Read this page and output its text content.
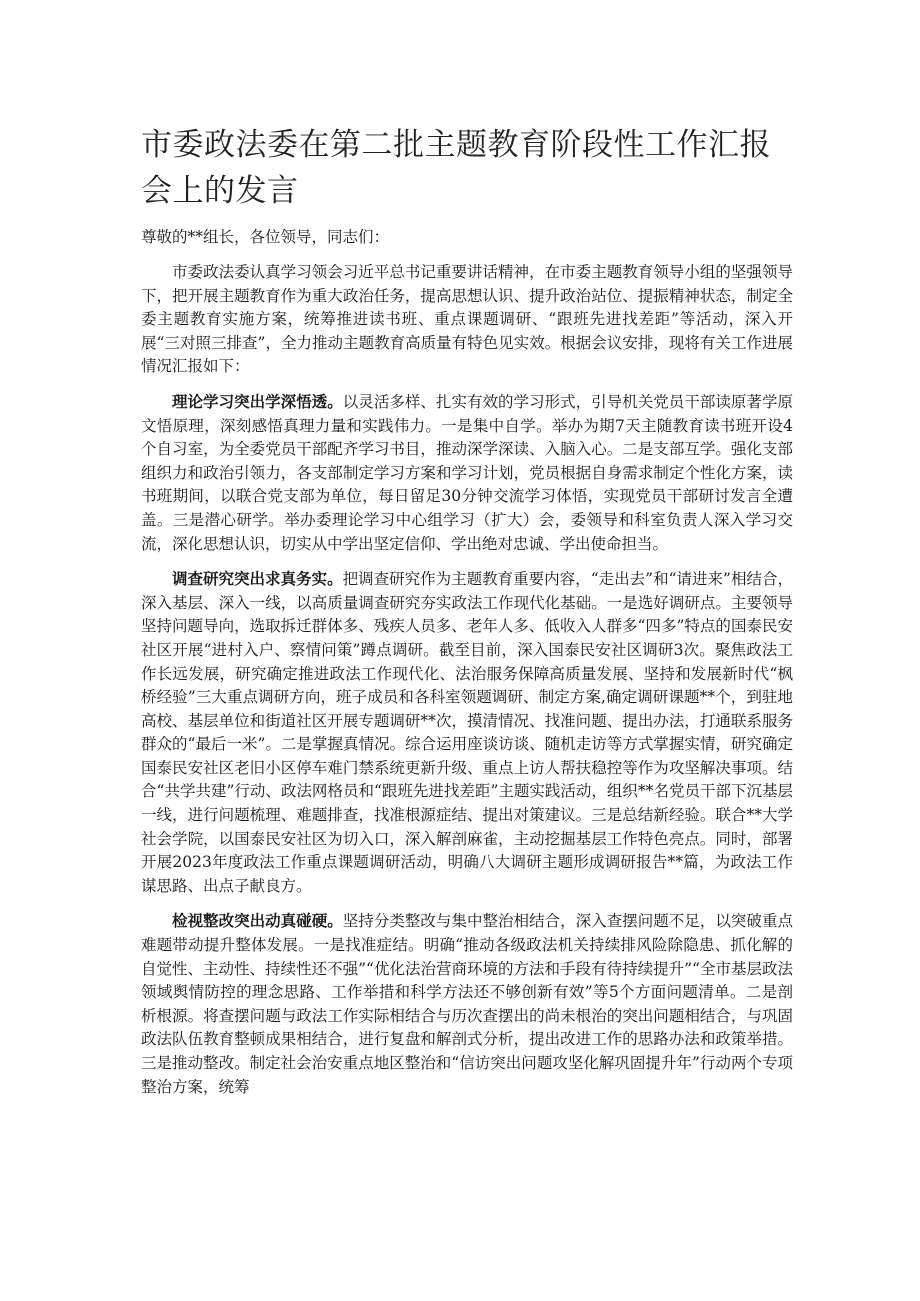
市委政法委在第二批主题教育阶段性工作汇报会上的发言

尊敬的**组长，各位领导，同志们：

市委政法委认真学习领会习近平总书记重要讲话精神，在市委主题教育领导小组的坚强领导下，把开展主题教育作为重大政治任务，提高思想认识、提升政治站位、提振精神状态，制定全委主题教育实施方案，统筹推进读书班、重点课题调研、“跟班先进找差距”等活动，深入开展“三对照三排查”，全力推动主题教育高质量有特色见实效。根据会议安排，现将有关工作进展情况汇报如下：

理论学习突出学深悟透。以灵活多样、扎实有效的学习形式，引导机关党员干部读原著学原文悟原理，深刻感悟真理力量和实践伟力。一是集中自学。举办为期7天主随教育读书班开设4个自习室，为全委党员干部配齐学习书目，推动深学深读、入脑入心。二是支部互学。强化支部组织力和政治引领力，各支部制定学习方案和学习计划，党员根据自身需求制定个性化方案，读书班期间，以联合党支部为单位，每日留足30分钟交流学习体悟，实现党员干部研讨发言全遭盖。三是潜心研学。举办委理论学习中心组学习（扩大）会，委领导和科室负责人深入学习交流，深化思想认识，切实从中学出坚定信仰、学出绝对忠诚、学出使命担当。

调查研究突出求真务实。把调查研究作为主题教育重要内容，“走出去”和“请进来”相结合，深入基层、深入一线，以高质量调查研究夯实政法工作现代化基础。一是选好调研点。主要领导坚持问题导向，选取拆迁群体多、残疾人员多、老年人多、低收入人群多“四多”特点的国泰民安社区开展“进村入户、察情问策”蹲点调研。截至目前，深入国泰民安社区调研3次。聚焦政法工作长远发展，研究确定推进政法工作现代化、法治服务保障高质量发展、坚持和发展新时代“枫桥经验”三大重点调研方向，班子成员和各科室领题调研、制定方案,确定调研课题**个，到驻地高校、基层单位和街道社区开展专题调研**次，摸清情况、找准问题、提出办法，打通联系服务群众的“最后一米”。二是掌握真情况。综合运用座谈访谈、随机走访等方式掌握实情，研究确定国泰民安社区老旧小区停车难门禁系统更新升级、重点上访人帮扶稳控等作为攻坚解决事项。结合“共学共建”行动、政法网格员和“跟班先进找差距”主题实践活动，组织**名党员干部下沉基层一线，进行问题梳理、难题排查，找准根源症结、提出对策建议。三是总结新经验。联合**大学社会学院，以国泰民安社区为切入口，深入解剖麻雀，主动挖掘基层工作特色亮点。同时，部署开展2023年度政法工作重点课题调研活动，明确八大调研主题形成调研报告**篇，为政法工作谋思路、出点子献良方。

检视整改突出动真碰硬。坚持分类整改与集中整治相结合，深入查摆问题不足，以突破重点难题带动提升整体发展。一是找准症结。明确“推动各级政法机关持续排风险除隐患、抓化解的自觉性、主动性、持续性还不强”“优化法治营商环境的方法和手段有待持续提升”“全市基层政法领域舆情防控的理念思路、工作举措和科学方法还不够创新有效”等5个方面问题清单。二是剖析根源。将查摆问题与政法工作实际相结合与历次查摆出的尚未根治的突出问题相结合，与巩固政法队伍教育整顿成果相结合，进行复盘和解剖式分析，提出改进工作的思路办法和政策举措。三是推动整改。制定社会治安重点地区整治和“信访突出问题攻坚化解巩固提升年”行动两个专项整治方案，统筹
